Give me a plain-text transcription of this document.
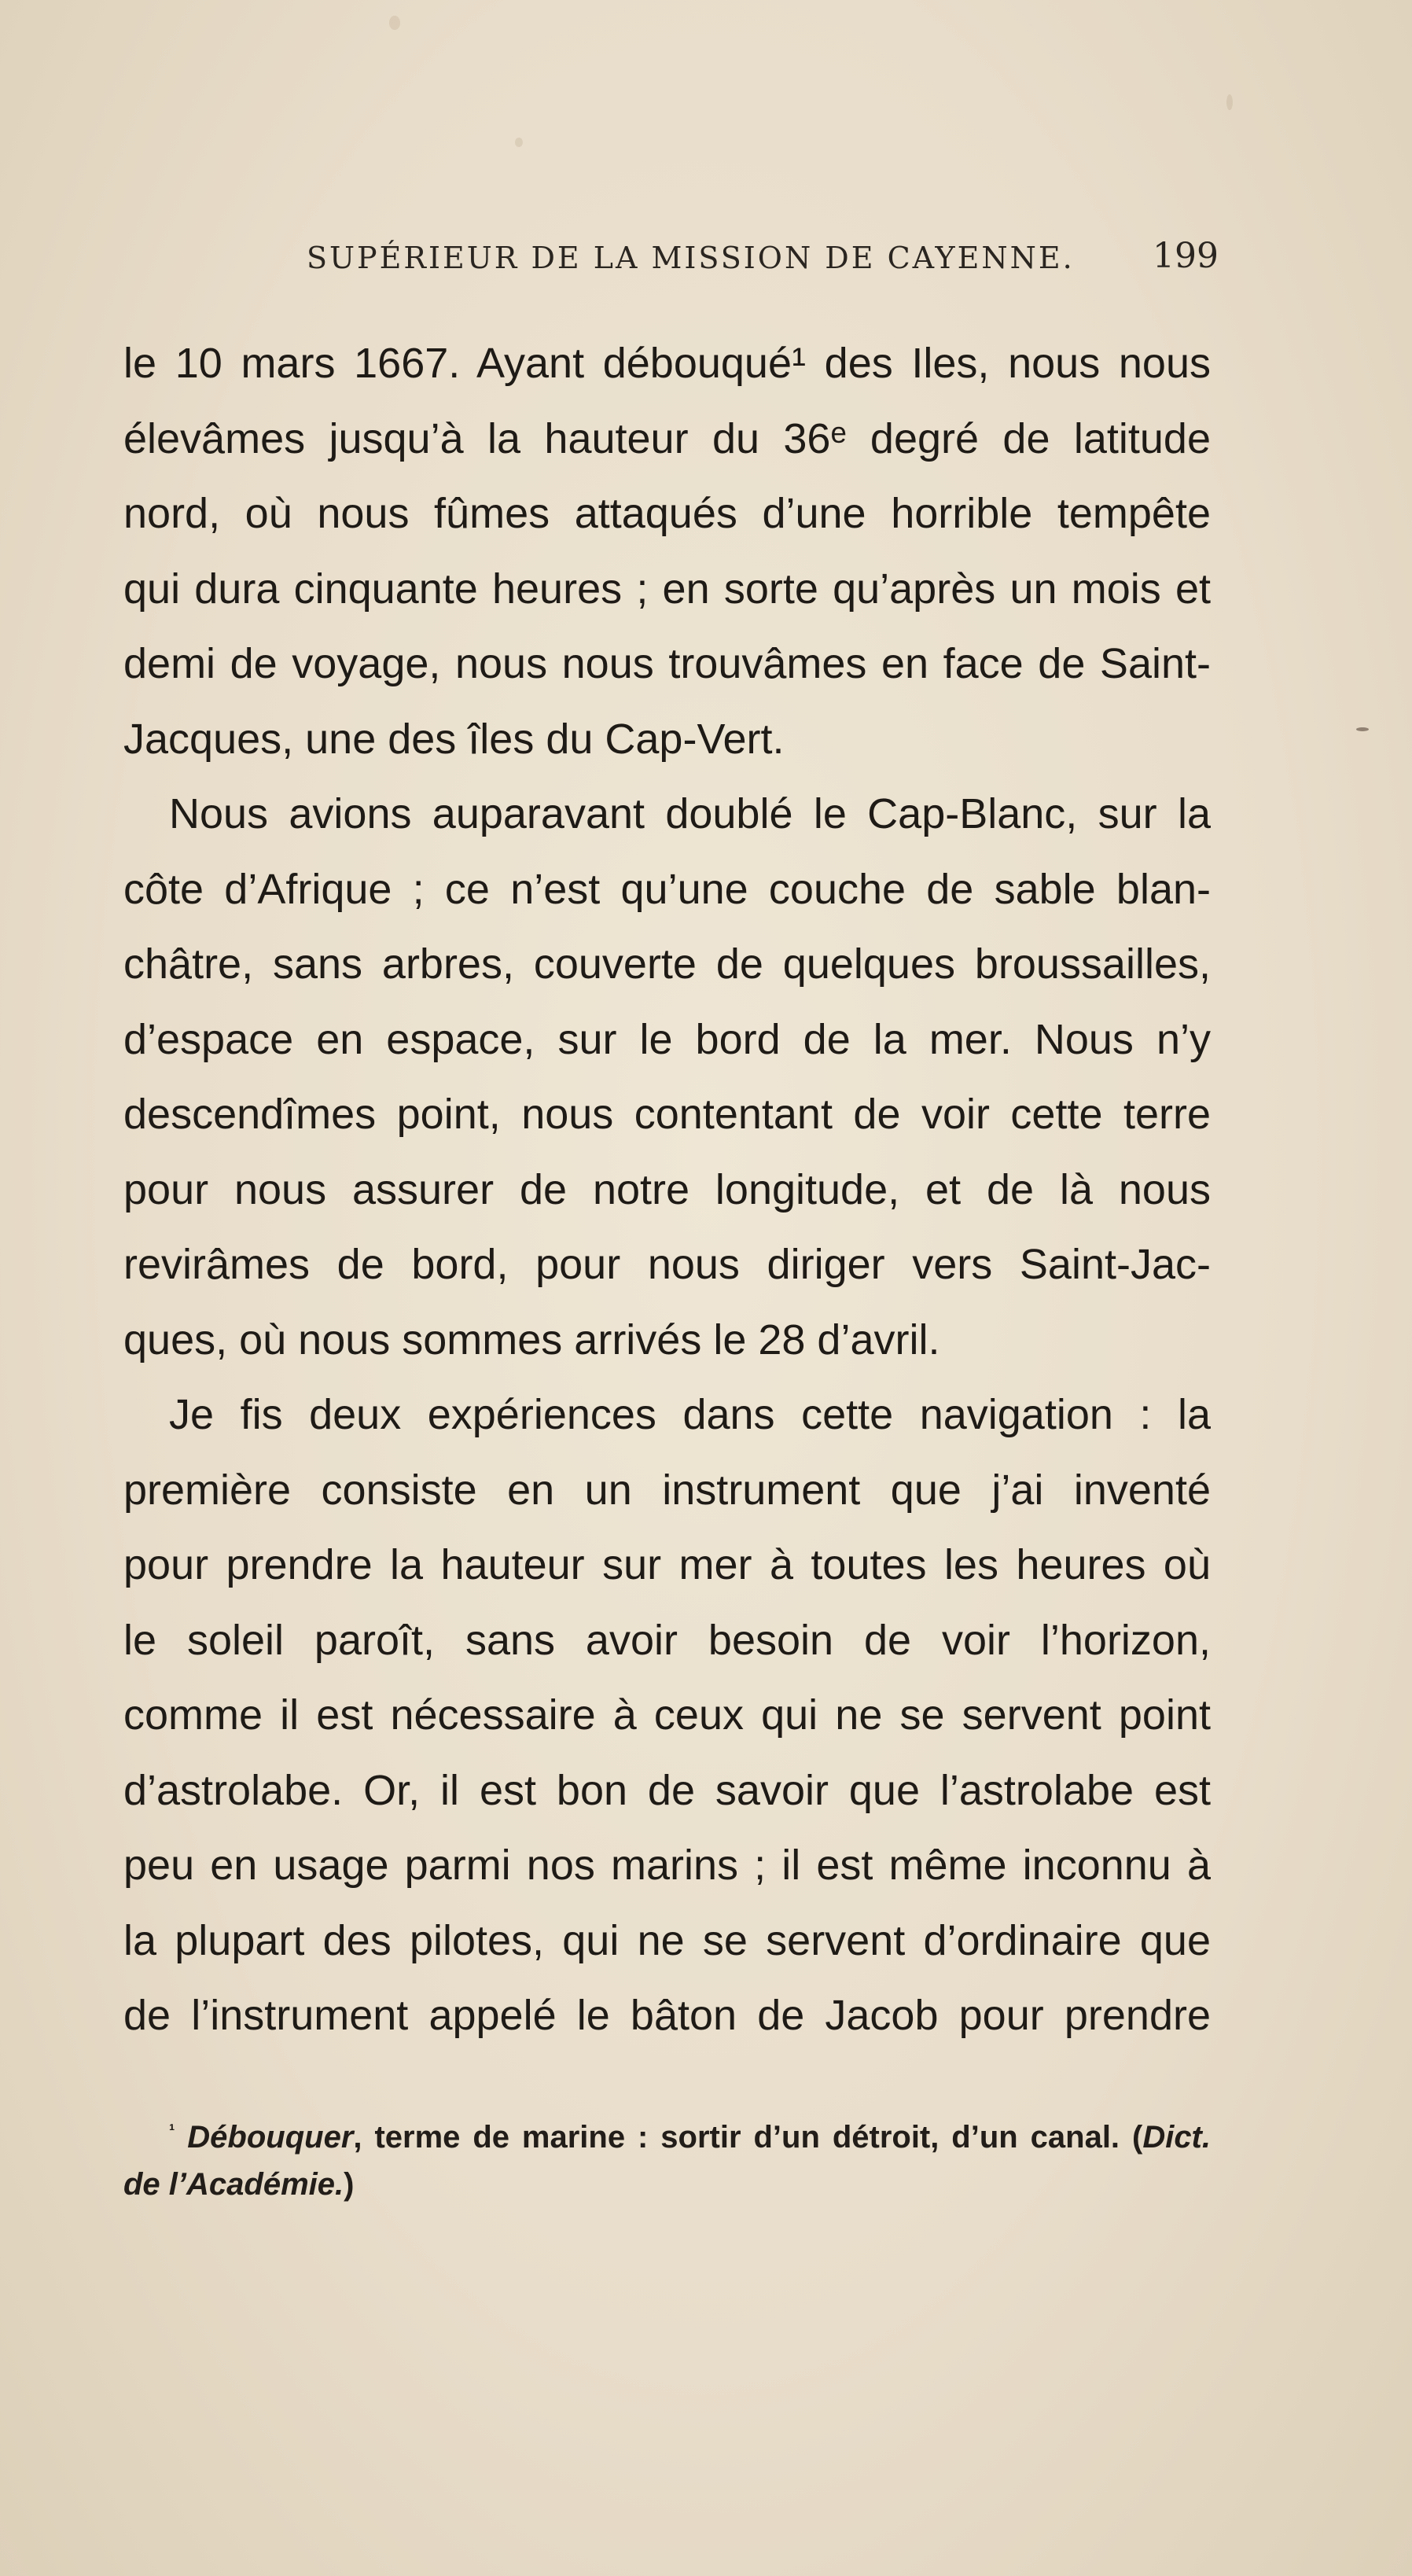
SUPÉRIEUR DE LA MISSION DE CAYENNE. 199
le 10 mars 1667. Ayant débouqué¹ des Iles, nous nous
élevâmes jusqu’à la hauteur du 36ᵉ degré de latitude
nord, où nous fûmes attaqués d’une horrible tempête
qui dura cinquante heures ; en sorte qu’après un mois et
demi de voyage, nous nous trouvâmes en face de Saint-
Jacques, une des îles du Cap-Vert.
Nous avions auparavant doublé le Cap-Blanc, sur la
côte d’Afrique ; ce n’est qu’une couche de sable blan-
châtre, sans arbres, couverte de quelques broussailles,
d’espace en espace, sur le bord de la mer. Nous n’y
descendîmes point, nous contentant de voir cette terre
pour nous assurer de notre longitude, et de là nous
revirâmes de bord, pour nous diriger vers Saint-Jac-
ques, où nous sommes arrivés le 28 d’avril.
Je fis deux expériences dans cette navigation : la
première consiste en un instrument que j’ai inventé
pour prendre la hauteur sur mer à toutes les heures où
le soleil paroît, sans avoir besoin de voir l’horizon,
comme il est nécessaire à ceux qui ne se servent point
d’astrolabe. Or, il est bon de savoir que l’astrolabe est
peu en usage parmi nos marins ; il est même inconnu à
la plupart des pilotes, qui ne se servent d’ordinaire que
de l’instrument appelé le bâton de Jacob pour prendre
$^{^1}$ Débouquer, terme de marine : sortir d’un détroit, d’un canal. (Dict.
de l’Académie.)
